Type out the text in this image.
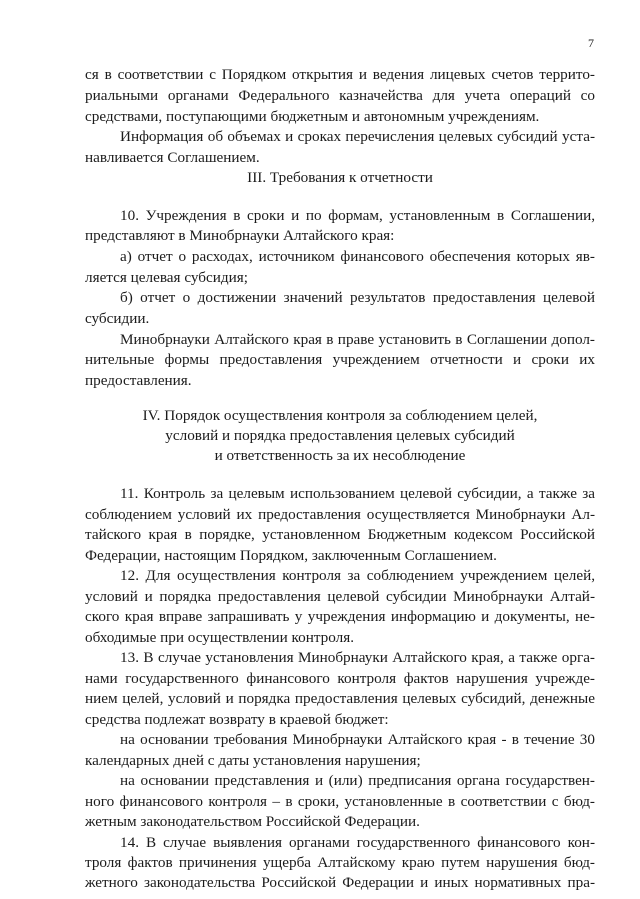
7

ся в соответствии с Порядком открытия и ведения лицевых счетов террито-

риальными органами Федерального казначейства для учета операций со

средствами, поступающими бюджетным и автономным учреждениям.

Информация об объемах и сроках перечисления целевых субсидий уста-

навливается Соглашением.

III. Требования к отчетности

10. Учреждения в сроки и по формам, установленным в Соглашении,

представляют в Минобрнауки Алтайского края:

а) отчет о расходах, источником финансового обеспечения которых яв-

ляется целевая субсидия;

б) отчет о достижении значений результатов предоставления целевой

субсидии.

Минобрнауки Алтайского края в праве установить в Соглашении допол-

нительные формы предоставления учреждением отчетности и сроки их

предоставления.

IV. Порядок осуществления контроля за соблюдением целей,

условий и порядка предоставления целевых субсидий

и ответственность за их несоблюдение

11. Контроль за целевым использованием целевой субсидии, а также за

соблюдением условий их предоставления осуществляется Минобрнауки Ал-

тайского края в порядке, установленном Бюджетным кодексом Российской

Федерации, настоящим Порядком, заключенным Соглашением.

12. Для осуществления контроля за соблюдением учреждением целей,

условий и порядка предоставления целевой субсидии Минобрнауки Алтай-

ского края вправе запрашивать у учреждения информацию и документы, не-

обходимые при осуществлении контроля.

13. В случае установления Минобрнауки Алтайского края, а также орга-

нами государственного финансового контроля фактов нарушения учрежде-

нием целей, условий и порядка предоставления целевых субсидий, денежные

средства подлежат возврату в краевой бюджет:

на основании требования Минобрнауки Алтайского края - в течение 30

календарных дней с даты установления нарушения;

на основании представления и (или) предписания органа государствен-

ного финансового контроля – в сроки, установленные в соответствии с бюд-

жетным законодательством Российской Федерации.

14. В случае выявления органами государственного финансового кон-

троля фактов причинения ущерба Алтайскому краю путем нарушения бюд-

жетного законодательства Российской Федерации и иных нормативных пра-
